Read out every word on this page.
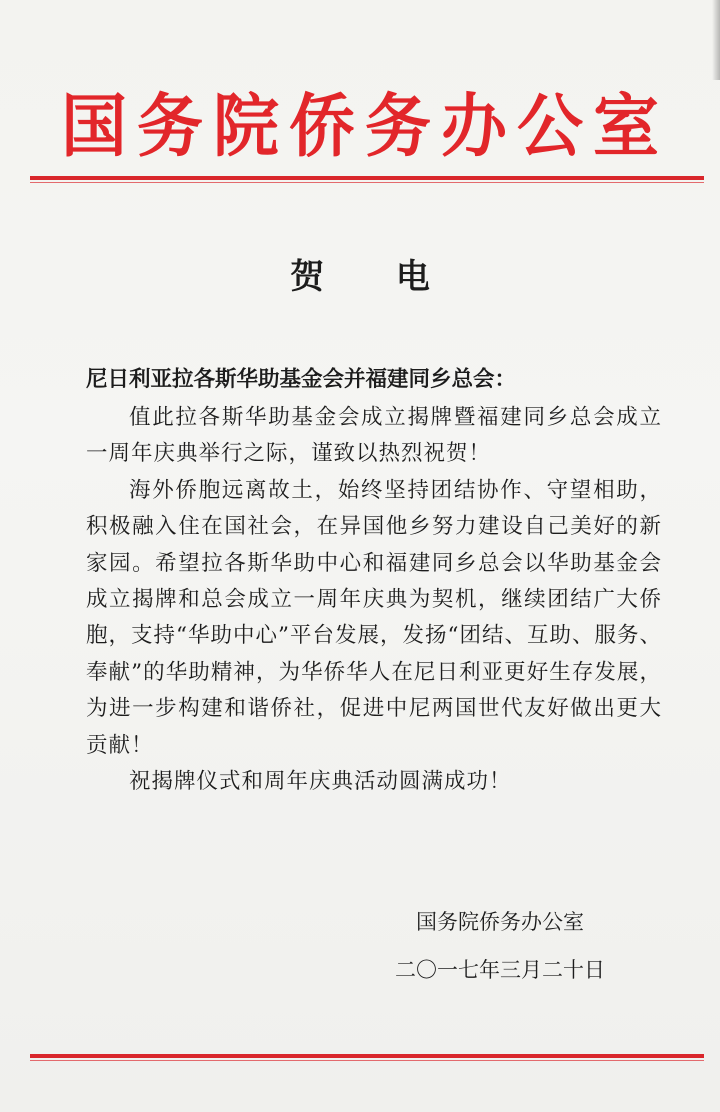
国务院侨务办公室
贺 电
尼日利亚拉各斯华助基金会并福建同乡总会：

值此拉各斯华助基金会成立揭牌暨福建同乡总会成立一周年庆典举行之际，谨致以热烈祝贺！

海外侨胞远离故土，始终坚持团结协作、守望相助，积极融入住在国社会，在异国他乡努力建设自己美好的新家园。希望拉各斯华助中心和福建同乡总会以华助基金会成立揭牌和总会成立一周年庆典为契机，继续团结广大侨胞，支持“华助中心”平台发展，发扬“团结、互助、服务、奉献”的华助精神，为华侨华人在尼日利亚更好生存发展，为进一步构建和谐侨社，促进中尼两国世代友好做出更大贡献！

祝揭牌仪式和周年庆典活动圆满成功！

国务院侨务办公室
二〇一七年三月二十日
